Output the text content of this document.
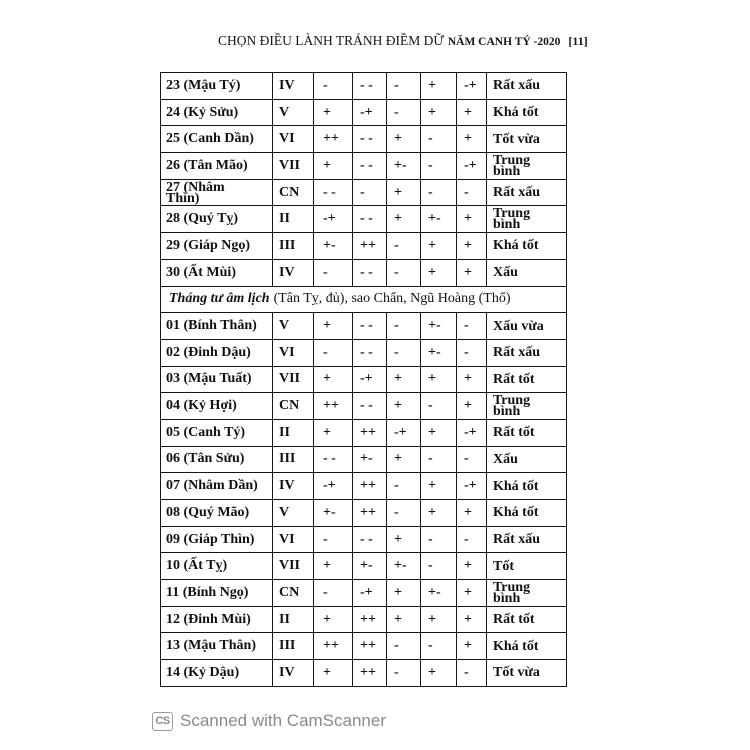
CHỌN ĐIỀU LÀNH TRÁNH ĐIỀM DỮ NĂM CANH TÝ -2020 [11]
23 (Mậu Tý)	IV	-	- -	-	+	-+	Rất xấu
24 (Kỷ Sửu)	V	+	-+	-	+	+	Khá tốt
25 (Canh Dần)	VI	++	- -	+	-	+	Tốt vừa
26 (Tân Mão)	VII	+	- -	+-	-	-+	Trung bình
27 (Nhâm Thìn)	CN	- -	-	+	-	-	Rất xấu
28 (Quý Tỵ)	II	-+	- -	+	+-	+	Trung bình
29 (Giáp Ngọ)	III	+-	++	-	+	+	Khá tốt
30 (Ất Mùi)	IV	-	- -	-	+	+	Xấu
Tháng tư âm lịch (Tân Tỵ, đủ), sao Chẩn, Ngũ Hoàng (Thổ)							
01 (Bính Thân)	V	+	- -	-	+-	-	Xấu vừa
02 (Đinh Dậu)	VI	-	- -	-	+-	-	Rất xấu
03 (Mậu Tuất)	VII	+	-+	+	+	+	Rất tốt
04 (Kỷ Hợi)	CN	++	- -	+	-	+	Trung bình
05 (Canh Tý)	II	+	++	-+	+	-+	Rất tốt
06 (Tân Sửu)	III	- -	+-	+	-	-	Xấu
07 (Nhâm Dần)	IV	-+	++	-	+	-+	Khá tốt
08 (Quý Mão)	V	+-	++	-	+	+	Khá tốt
09 (Giáp Thìn)	VI	-	- -	+	-	-	Rất xấu
10 (Ất Tỵ)	VII	+	+-	+-	-	+	Tốt
11 (Bính Ngọ)	CN	-	-+	+	+-	+	Trung bình
12 (Đinh Mùi)	II	+	++	+	+	+	Rất tốt
13 (Mậu Thân)	III	++	++	-	-	+	Khá tốt
14 (Kỷ Dậu)	IV	+	++	-	+	-	Tốt vừa
CS Scanned with CamScanner
